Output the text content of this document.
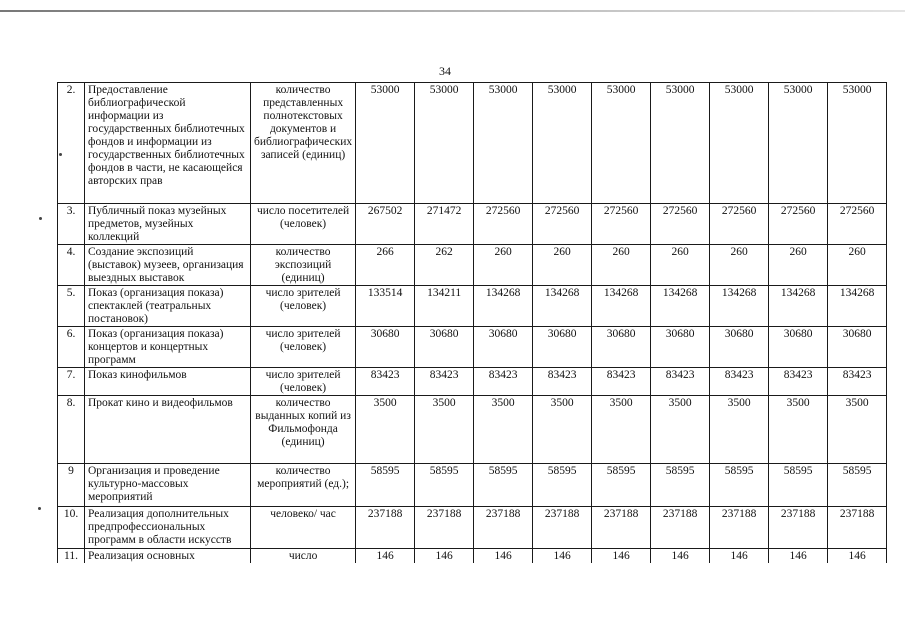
34
2.	Предоставление библиографической информации из государственных библиотечных фондов и информации из государственных библиотечных фондов в части, не касающейся авторских прав	количество представленных полнотекстовых документов и библиографических записей (единиц)	53000	53000	53000	53000	53000	53000	53000	53000	53000
3.	Публичный показ музейных предметов, музейных коллекций	число посетителей (человек)	267502	271472	272560	272560	272560	272560	272560	272560	272560
4.	Создание экспозиций (выставок) музеев, организация выездных выставок	количество экспозиций (единиц)	266	262	260	260	260	260	260	260	260
5.	Показ (организация показа) спектаклей (театральных постановок)	число зрителей (человек)	133514	134211	134268	134268	134268	134268	134268	134268	134268
6.	Показ (организация показа) концертов и концертных программ	число зрителей (человек)	30680	30680	30680	30680	30680	30680	30680	30680	30680
7.	Показ кинофильмов	число зрителей (человек)	83423	83423	83423	83423	83423	83423	83423	83423	83423
8.	Прокат кино и видеофильмов	количество выданных копий из Фильмофонда (единиц)	3500	3500	3500	3500	3500	3500	3500	3500	3500
9	Организация и проведение культурно-массовых мероприятий	количество мероприятий (ед.);	58595	58595	58595	58595	58595	58595	58595	58595	58595
10.	Реализация дополнительных предпрофессиональных программ в области искусств	человеко/ час	237188	237188	237188	237188	237188	237188	237188	237188	237188
11.	Реализация основных	число	146	146	146	146	146	146	146	146	146
